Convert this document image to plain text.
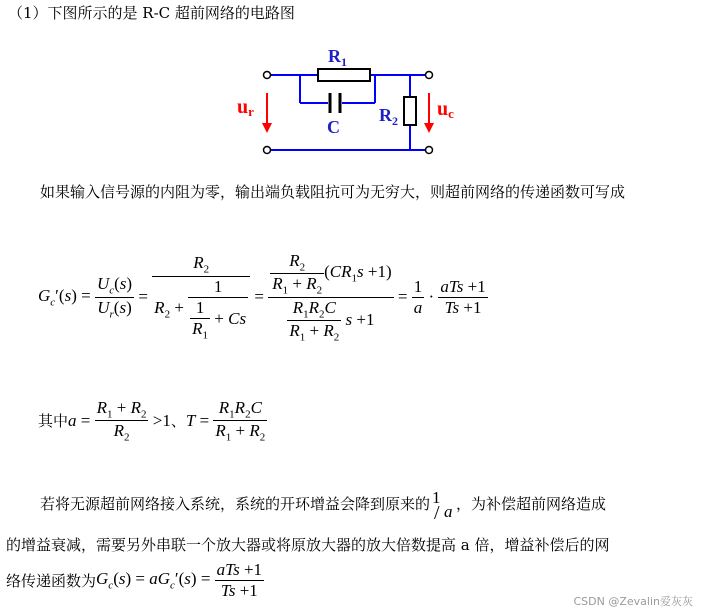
（1）下图所示的是 R-C 超前网络的电路图
$R_1$
C
$R_2$
ur	uc
如果输入信号源的内阻为零，输出端负载阻抗可为无穷大，则超前网络的传递函数可写成
$G_c'(s) = \frac{U_c(s)}{U_r(s)}$ =
$R_2$
$R_2 + \frac{1}{\frac{1}{R_1} + Cs} = \frac{\frac{R_2}{R_1 + R_2} (CR_1s +1)}{\frac{R_1R_2C}{R_1 + R_2} s +1} = \frac{1}{a} \cdot \frac{\text{aTs +1}}{Ts +1}$
其中 $a = \frac{R_1 + R_2}{R_2} >1$ 、 $T = \frac{R_1R_2C}{R_1 + R_2}$
若将无源超前网络接入系统，系统的开环增益会降到原来的 1
/ a ，为补偿超前网络造成
的增益衰减，需要另外串联一个放大器或将原放大器的放大倍数提高 a 倍，增益补偿后的网
络传递函数为 $G_c(s) = aG_c'(s) = \frac{\text{aTs +1}}{Ts +1}$
CSDN @Zevalin爱灰灰
